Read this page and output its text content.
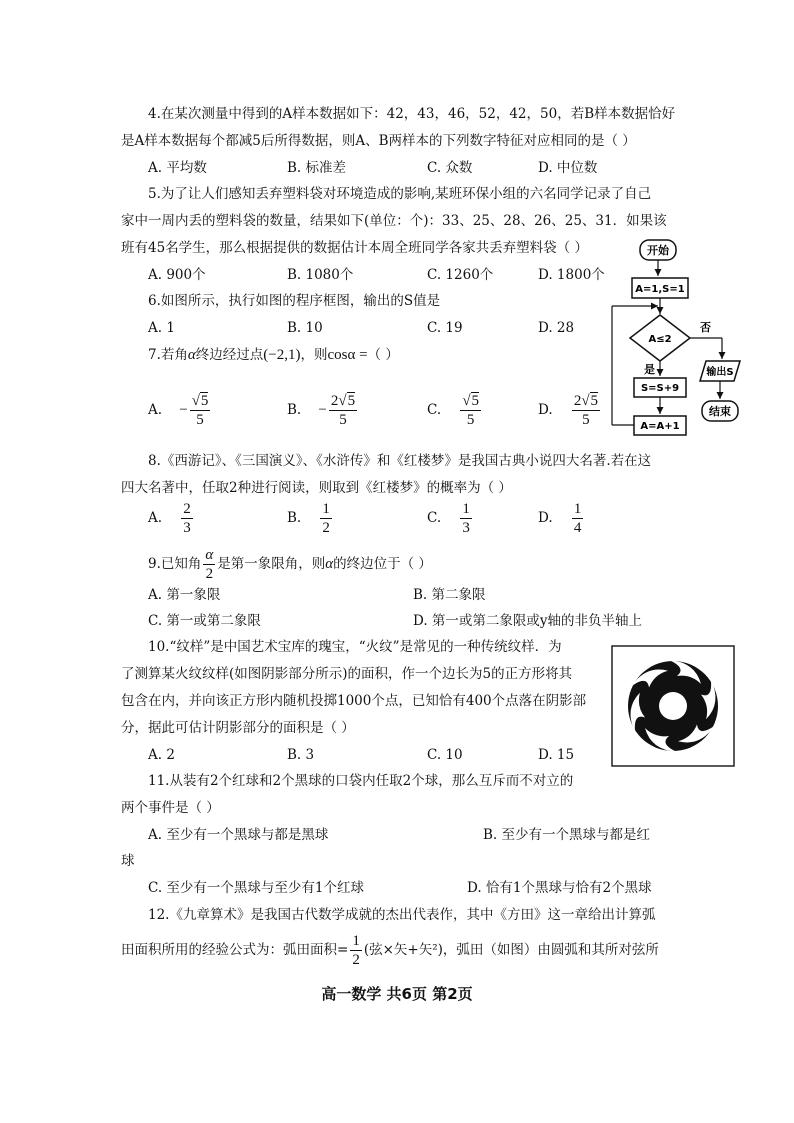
4.在某次测量中得到的A样本数据如下：42，43，46，52，42，50，若B样本数据恰好
是A样本数据每个都减5后所得数据，则A、B两样本的下列数字特征对应相同的是（ ）
A. 平均数	B. 标准差	C. 众数	D. 中位数
5.为了让人们感知丢弃塑料袋对环境造成的影响,某班环保小组的六名同学记录了自己
家中一周内丢的塑料袋的数量，结果如下(单位：个)：33、25、28、26、25、31．如果该
班有45名学生，那么根据提供的数据估计本周全班同学各家共丢弃塑料袋（ ）
A. 900个	B. 1080个	C. 1260个	D. 1800个
6.如图所示，执行如图的程序框图，输出的S值是
A. 1	B. 10	C. 19	D. 28
7.若角α终边经过点(−2,1)，则cosα =（ ）
A. − $\frac{√5}{5}$	B. − $\frac{2√5}{5}$	C. $\frac{√5}{5}$	D. $\frac{2√5}{5}$
8.《西游记》、《三国演义》、《水浒传》和《红楼梦》是我国古典小说四大名著.若在这
四大名著中，任取2种进行阅读，则取到《红楼梦》的概率为（ ）
A. $\frac{2}{3}$	B. $\frac{1}{2}$	C. $\frac{1}{3}$	D. $\frac{1}{4}$
9.已知角 $\frac{\alpha}{2}$ 是第一象限角，则α的终边位于（ ）
A. 第一象限	B. 第二象限
C. 第一或第二象限	D. 第一或第二象限或y轴的非负半轴上
10.“纹样”是中国艺术宝库的瑰宝，“火纹”是常见的一种传统纹样．为
了测算某火纹纹样(如图阴影部分所示)的面积，作一个边长为5的正方形将其
包含在内，并向该正方形内随机投掷1000个点，已知恰有400个点落在阴影部
分，据此可估计阴影部分的面积是（ ）
A. 2	B. 3	C. 10	D. 15
11.从装有2个红球和2个黑球的口袋内任取2个球，那么互斥而不对立的
两个事件是（ ）
A. 至少有一个黑球与都是黑球	B. 至少有一个黑球与都是红
球
C. 至少有一个黑球与至少有1个红球	D. 恰有1个黑球与恰有2个黑球
12.《九章算术》是我国古代数学成就的杰出代表作，其中《方田》这一章给出计算弧
田面积所用的经验公式为：弧田面积= $\frac{1}{2}$ (弦×矢+矢²)，弧田（如图）由圆弧和其所对弦所
开始
A=1,S=1
A≤2
否
输出S
结束
是
S=S+9
A=A+1
高一数学 共6页 第2页
